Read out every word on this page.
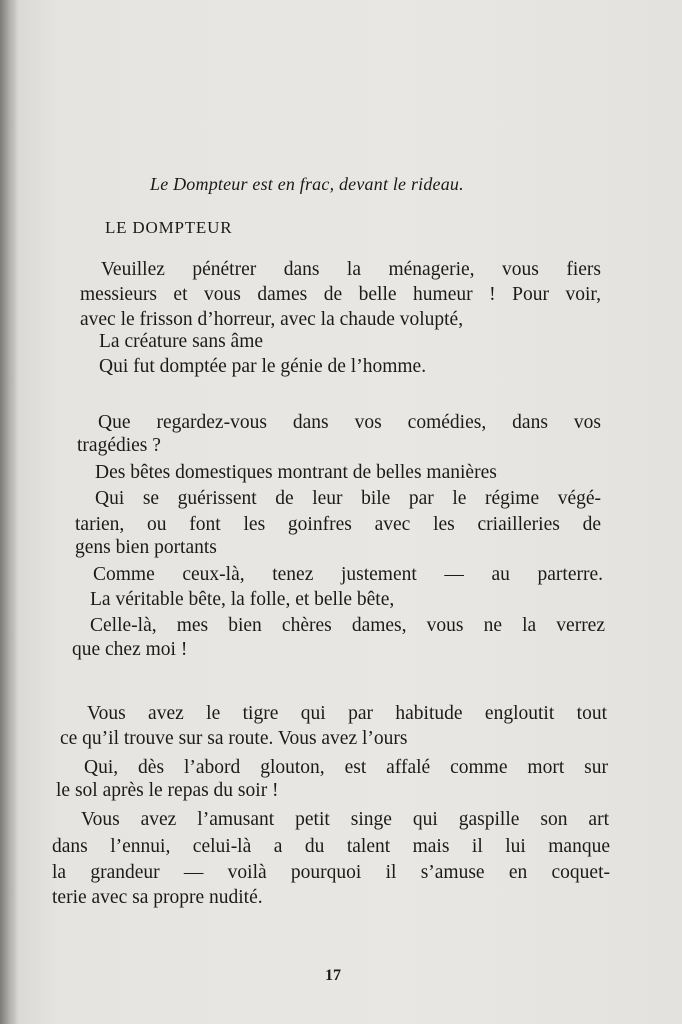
Le Dompteur est en frac, devant le rideau.
LE DOMPTEUR
Veuillez pénétrer dans la ménagerie, vous fiers
messieurs et vous dames de belle humeur ! Pour voir,
avec le frisson d’horreur, avec la chaude volupté,
La créature sans âme
Qui fut domptée par le génie de l’homme.
Que regardez-vous dans vos comédies, dans vos
tragédies ?
Des bêtes domestiques montrant de belles manières
Qui se guérissent de leur bile par le régime végé-
tarien, ou font les goinfres avec les criailleries de
gens bien portants
Comme ceux-là, tenez justement — au parterre.
La véritable bête, la folle, et belle bête,
Celle-là, mes bien chères dames, vous ne la verrez
que chez moi !
Vous avez le tigre qui par habitude engloutit tout
ce qu’il trouve sur sa route. Vous avez l’ours
Qui, dès l’abord glouton, est affalé comme mort sur
le sol après le repas du soir !
Vous avez l’amusant petit singe qui gaspille son art
dans l’ennui, celui-là a du talent mais il lui manque
la grandeur — voilà pourquoi il s’amuse en coquet-
terie avec sa propre nudité.
17
